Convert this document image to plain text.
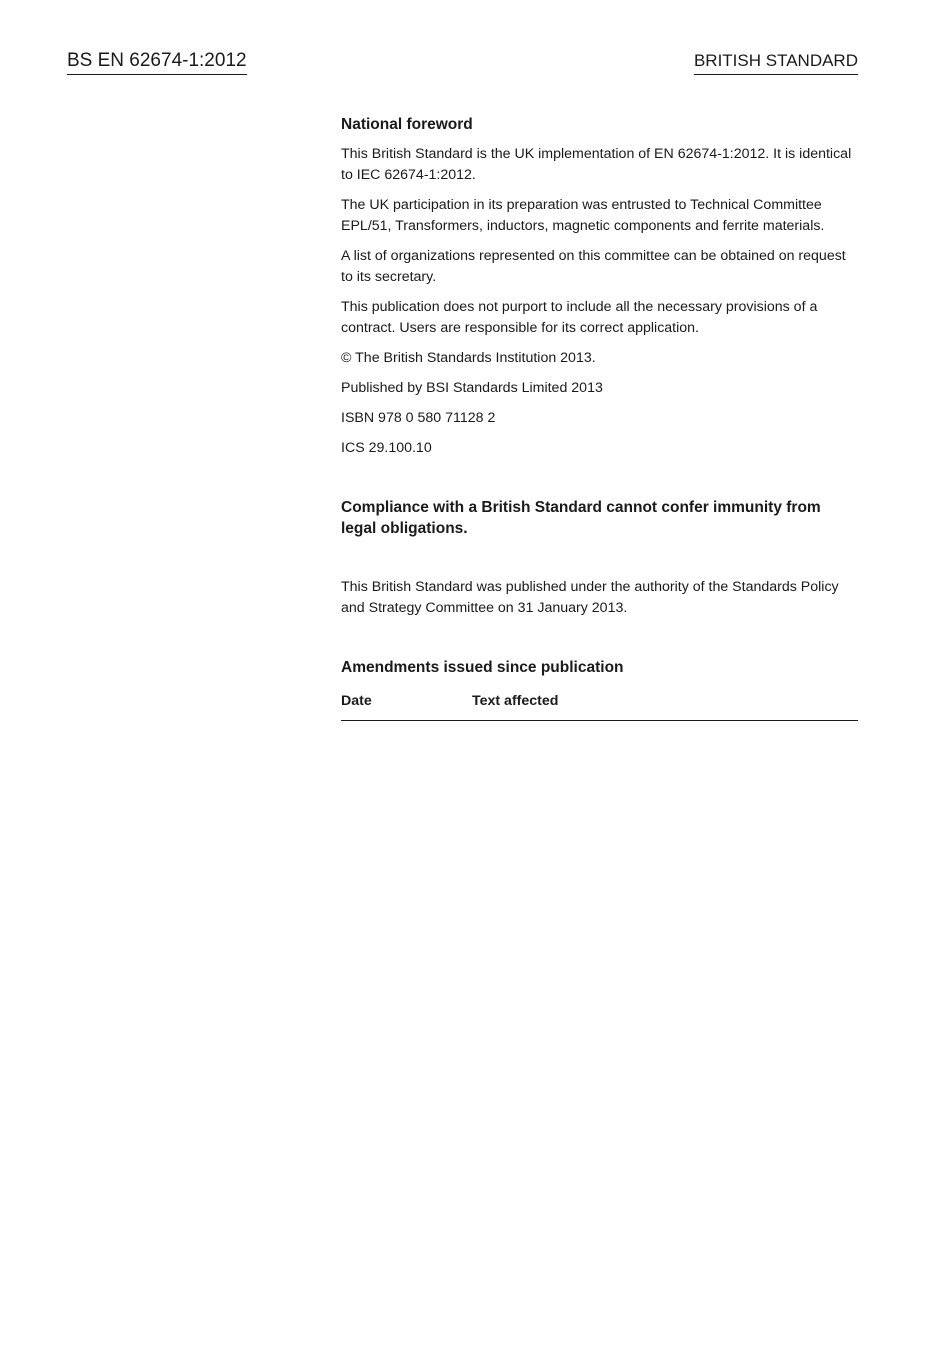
BS EN 62674-1:2012	BRITISH STANDARD
National foreword

This British Standard is the UK implementation of EN 62674-1:2012. It is identical to IEC 62674-1:2012.

The UK participation in its preparation was entrusted to Technical Committee EPL/51, Transformers, inductors, magnetic components and ferrite materials.

A list of organizations represented on this committee can be obtained on request to its secretary.

This publication does not purport to include all the necessary provisions of a contract. Users are responsible for its correct application.

© The British Standards Institution 2013.

Published by BSI Standards Limited 2013

ISBN 978 0 580 71128 2

ICS 29.100.10

Compliance with a British Standard cannot confer immunity from legal obligations.
This British Standard was published under the authority of the Standards Policy and Strategy Committee on 31 January 2013.
Amendments issued since publication
Date	Text affected
